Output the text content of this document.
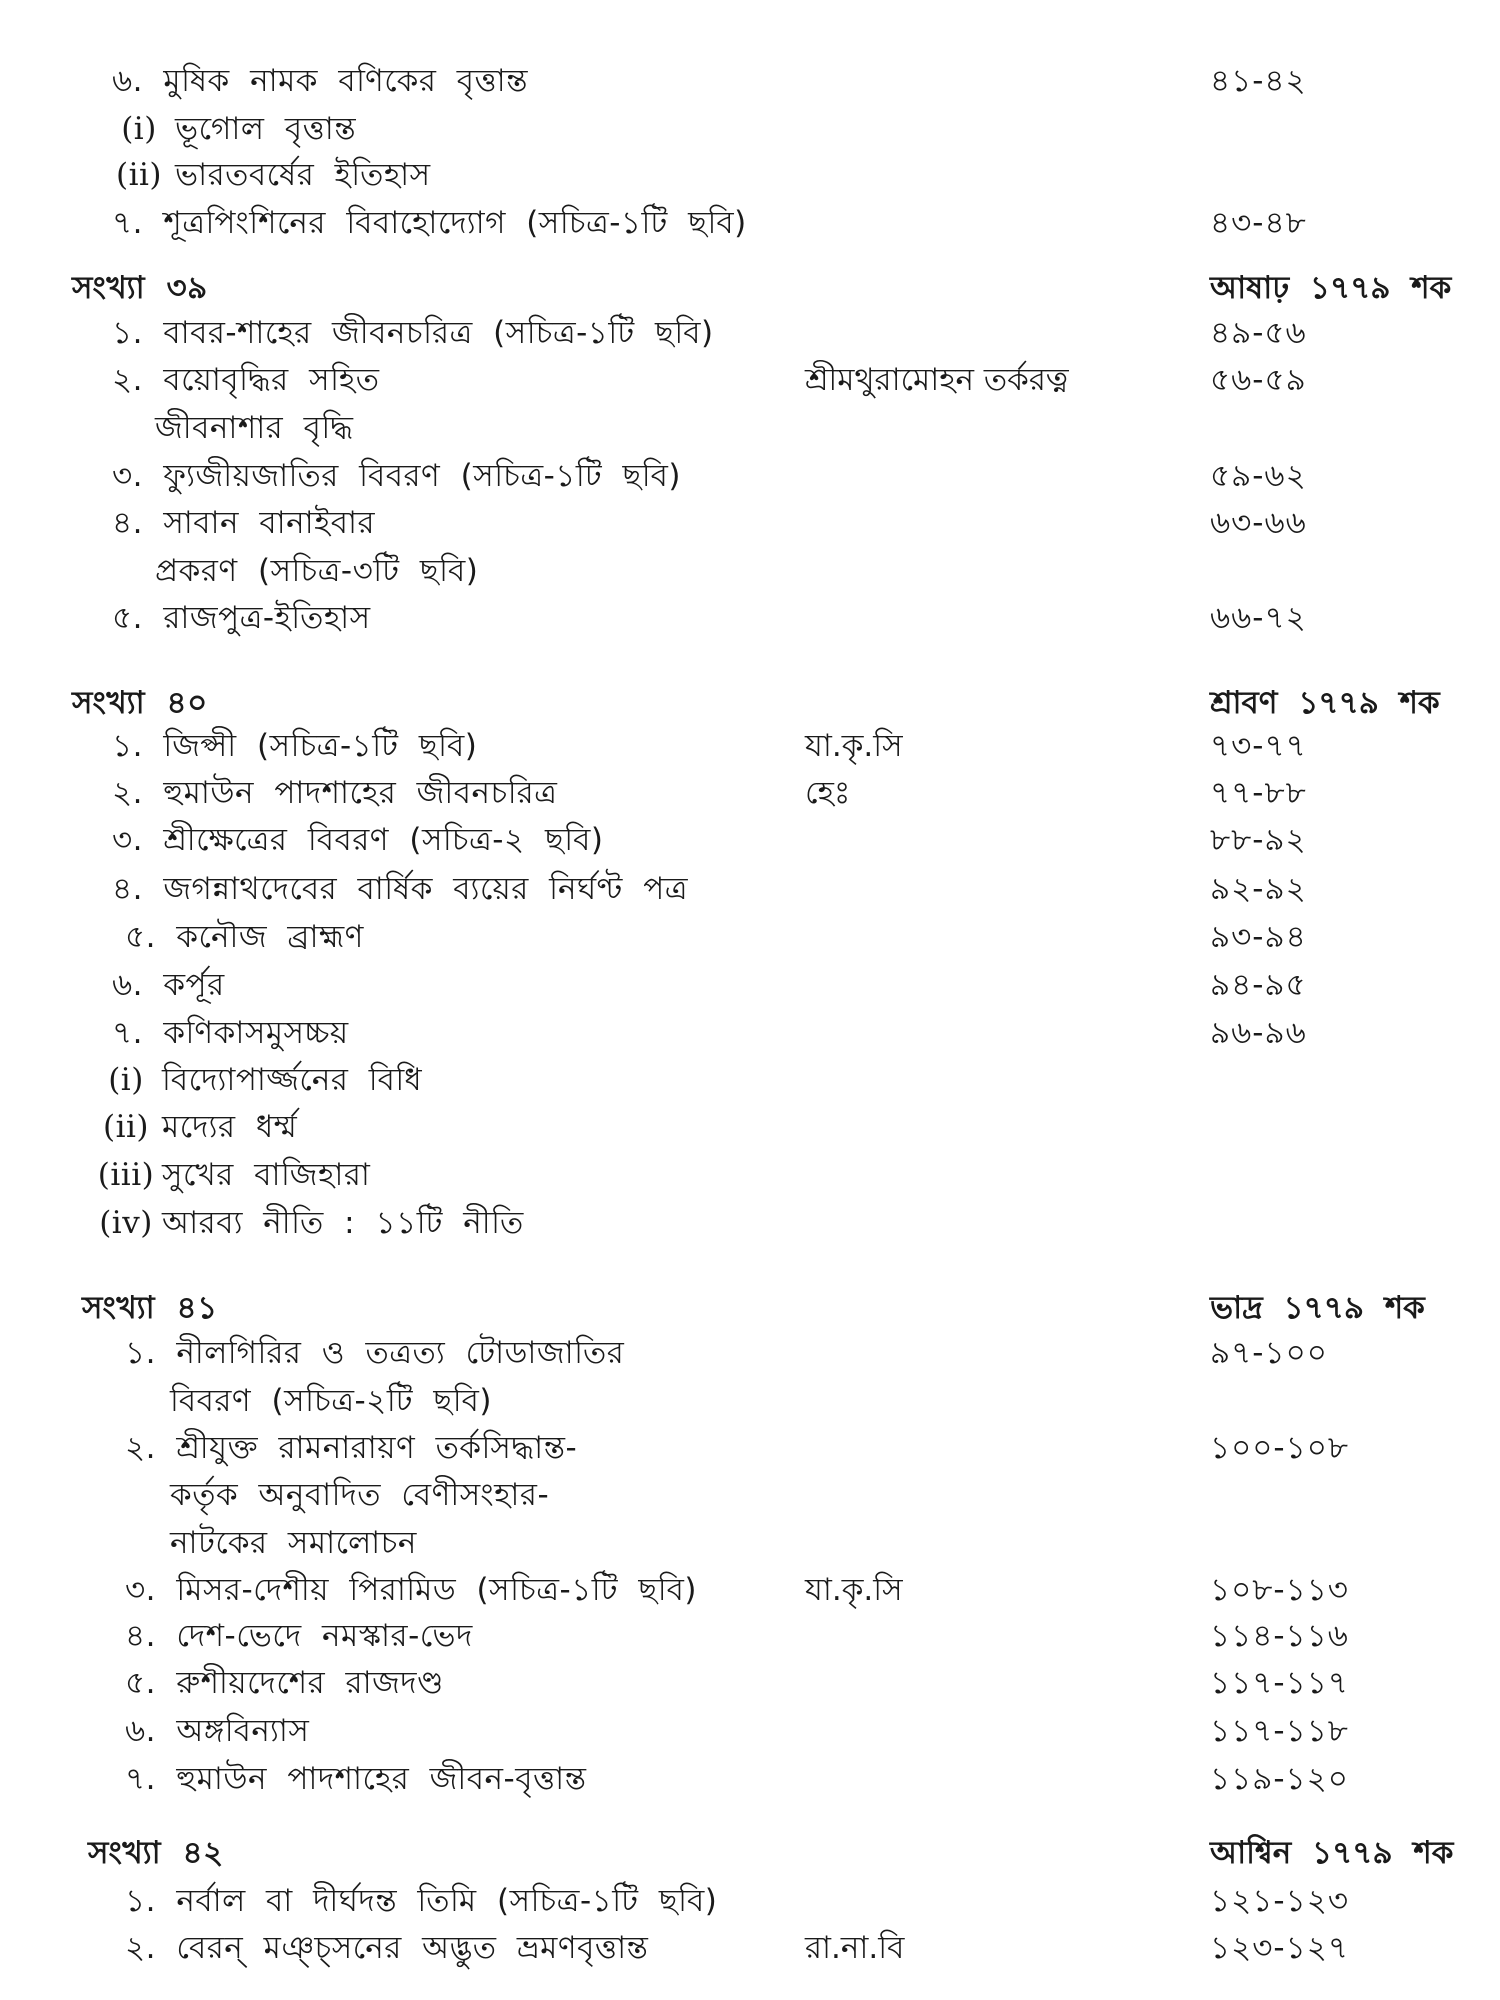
৬. মুষিক নামক বণিকের বৃত্তান্ত	৪১-৪২
(i) ভূগোল বৃত্তান্ত
(ii) ভারতবর্ষের ইতিহাস
৭. শূত্রপিংশিনের বিবাহোদ্যোগ (সচিত্র-১টি ছবি)	৪৩-৪৮
সংখ্যা ৩৯	আষাঢ় ১৭৭৯ শক
১. বাবর-শাহের জীবনচরিত্র (সচিত্র-১টি ছবি)	৪৯-৫৬
২. বয়োবৃদ্ধির সহিত	শ্রীমথুরামোহন তর্করত্ন	৫৬-৫৯
জীবনাশার বৃদ্ধি
৩. ফ্যুজীয়জাতির বিবরণ (সচিত্র-১টি ছবি)	৫৯-৬২
৪. সাবান বানাইবার	৬৩-৬৬
প্রকরণ (সচিত্র-৩টি ছবি)
৫. রাজপুত্র-ইতিহাস	৬৬-৭২
সংখ্যা ৪০	শ্রাবণ ১৭৭৯ শক
১. জিপ্সী (সচিত্র-১টি ছবি)	যা.কৃ.সি	৭৩-৭৭
২. হুমাউন পাদশাহের জীবনচরিত্র	হেঃ	৭৭-৮৮
৩. শ্রীক্ষেত্রের বিবরণ (সচিত্র-২ ছবি)	৮৮-৯২
৪. জগন্নাথদেবের বার্ষিক ব্যয়ের নির্ঘণ্ট পত্র	৯২-৯২
৫. কনৌজ ব্রাহ্মণ	৯৩-৯৪
৬. কর্পূর	৯৪-৯৫
৭. কণিকাসমুসচ্চয়	৯৬-৯৬
(i) বিদ্যোপার্জ্জনের বিধি
(ii) মদ্যের ধর্ম্ম
(iii) সুখের বাজিহারা
(iv) আরব্য নীতি : ১১টি নীতি
সংখ্যা ৪১	ভাদ্র ১৭৭৯ শক
১. নীলগিরির ও তত্রত্য টোডাজাতির	৯৭-১০০
বিবরণ (সচিত্র-২টি ছবি)
২. শ্রীযুক্ত রামনারায়ণ তর্কসিদ্ধান্ত-	১০০-১০৮
কর্তৃক অনুবাদিত বেণীসংহার-
নাটকের সমালোচন
৩. মিসর-দেশীয় পিরামিড (সচিত্র-১টি ছবি)	যা.কৃ.সি	১০৮-১১৩
৪. দেশ-ভেদে নমস্কার-ভেদ	১১৪-১১৬
৫. রুশীয়দেশের রাজদণ্ড	১১৭-১১৭
৬. অঙ্গবিন্যাস	১১৭-১১৮
৭. হুমাউন পাদশাহের জীবন-বৃত্তান্ত	১১৯-১২০
সংখ্যা ৪২	আশ্বিন ১৭৭৯ শক
১. নর্বাল বা দীর্ঘদন্ত তিমি (সচিত্র-১টি ছবি)	১২১-১২৩
২. বেরন্ মঞ্চ্সনের অদ্ভুত ভ্রমণবৃত্তান্ত	রা.না.বি	১২৩-১২৭
